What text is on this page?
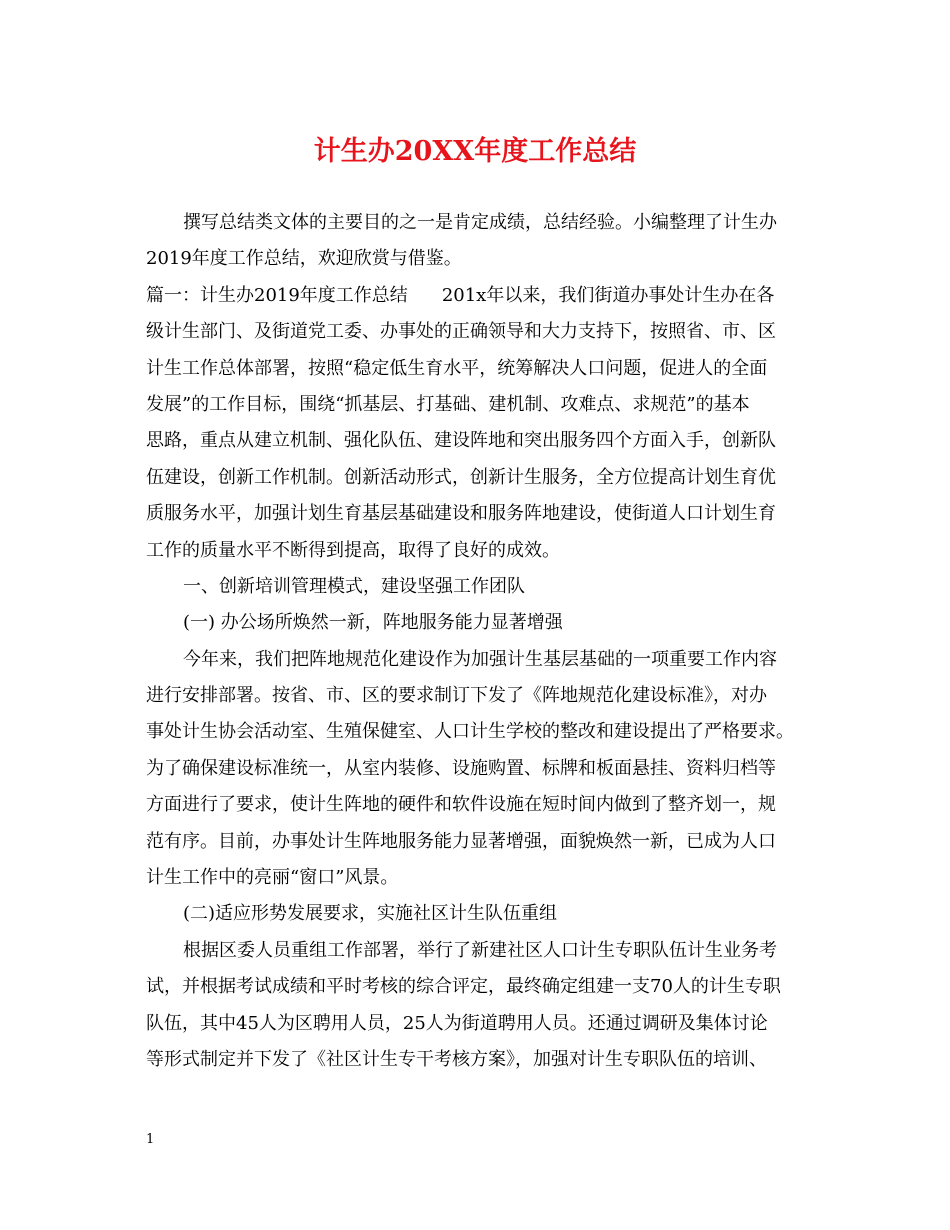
计生办20XX年度工作总结
撰写总结类文体的主要目的之一是肯定成绩，总结经验。小编整理了计生办
2019年度工作总结，欢迎欣赏与借鉴。
篇一：计生办2019年度工作总结 201x年以来，我们街道办事处计生办在各
级计生部门、及街道党工委、办事处的正确领导和大力支持下，按照省、市、区
计生工作总体部署，按照“稳定低生育水平，统筹解决人口问题，促进人的全面
发展”的工作目标，围绕“抓基层、打基础、建机制、攻难点、求规范”的基本
思路，重点从建立机制、强化队伍、建设阵地和突出服务四个方面入手，创新队
伍建设，创新工作机制。创新活动形式，创新计生服务，全方位提高计划生育优
质服务水平，加强计划生育基层基础建设和服务阵地建设，使街道人口计划生育
工作的质量水平不断得到提高，取得了良好的成效。
一、创新培训管理模式，建设坚强工作团队
(一) 办公场所焕然一新，阵地服务能力显著增强
今年来，我们把阵地规范化建设作为加强计生基层基础的一项重要工作内容
进行安排部署。按省、市、区的要求制订下发了《阵地规范化建设标准》，对办
事处计生协会活动室、生殖保健室、人口计生学校的整改和建设提出了严格要求。
为了确保建设标准统一，从室内装修、设施购置、标牌和板面悬挂、资料归档等
方面进行了要求，使计生阵地的硬件和软件设施在短时间内做到了整齐划一，规
范有序。目前，办事处计生阵地服务能力显著增强，面貌焕然一新，已成为人口
计生工作中的亮丽“窗口”风景。
(二)适应形势发展要求，实施社区计生队伍重组
根据区委人员重组工作部署，举行了新建社区人口计生专职队伍计生业务考
试，并根据考试成绩和平时考核的综合评定，最终确定组建一支70人的计生专职
队伍，其中45人为区聘用人员，25人为街道聘用人员。还通过调研及集体讨论
等形式制定并下发了《社区计生专干考核方案》，加强对计生专职队伍的培训、
1
